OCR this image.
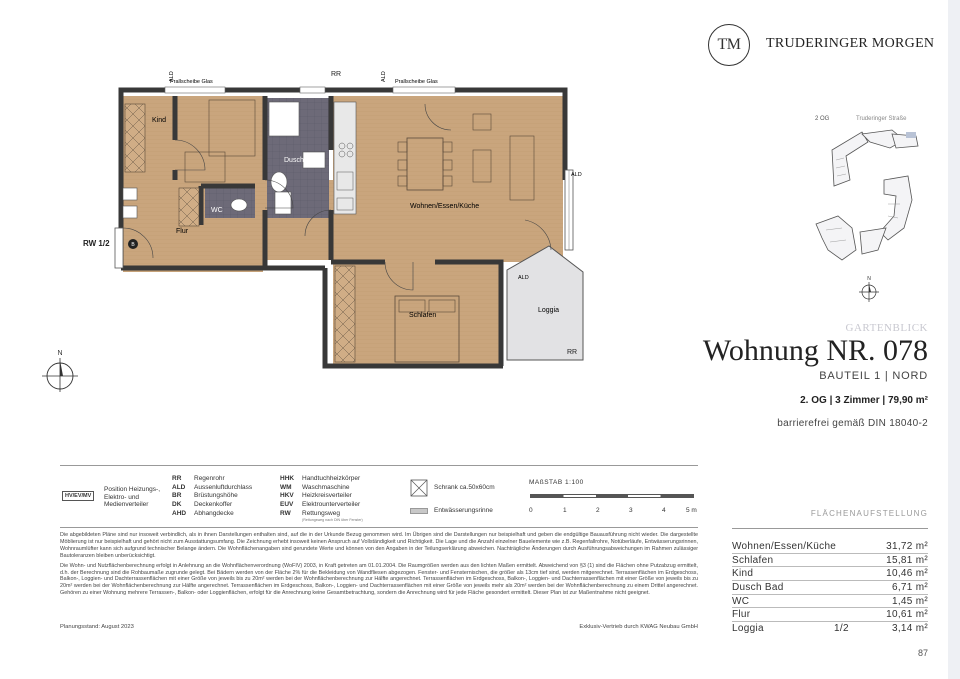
TM	TRUDERINGER MORGEN
2 OG	Truderinger Straße
N
GARTENBLICK
Wohnung NR. 078
BAUTEIL 1 | NORD
2. OG | 3 Zimmer | 79,90 m²
barrierefrei gemäß DIN 18040-2
FLÄCHENAUFSTELLUNG
Wohnen/Essen/Küche	31,72 m²
Schlafen	15,81 m²
Kind	10,46 m²
Dusch Bad	6,71 m²
WC	1,45 m²
Flur	10,61 m²
Loggia	1/2	3,14 m²
87
B
Kind
Dusch Bad
WC
Flur
Wohnen/Essen/Küche
Schlafen
Loggia
RW 1/2
RR
RR
Prallscheibe Glas	Prallscheibe Glas
ALD
ALD
ALD	ALD
WM
N
HV/EV/MV
Position Heizungs-, Elektro- und Medienverteiler
RR Regenrohr
ALD Aussenluftdurchlass
BR Brüstungshöhe
DK Deckenkoffer
AHD Abhangdecke
HHK Handtuchheizkörper
WM Waschmaschine
HKV Heizkreisverteiler
EUV Elektrounterverteiler
RW Rettungsweg
(Rettungsweg nach DIN über Fenster)
Schrank ca.50x60cm
Entwässerungsrinne
MAßSTAB 1:100
0	1	2	3	4	5 m

Die abgebildeten Pläne sind nur insoweit verbindlich, als in ihnen Darstellungen enthalten sind, auf die in der Urkunde Bezug genommen wird. Im Übrigen sind die Darstellungen nur beispielhaft und geben die endgültige Bauausführung nicht wieder. Die dargestellte Möblierung ist nur beispielhaft und gehört nicht zum Ausstattungsumfang. Die Zeichnung erhebt insoweit keinen Anspruch auf Vollständigkeit und Richtigkeit. Die Lage und die Anzahl einzelner Bauelemente wie z.B. Regenfallrohre, Notüberläufe, Entwässerungsrinnen, Wohnraumlüfter kann sich aufgrund technischer Belange ändern. Die Wohnflächenangaben sind gerundete Werte und können von den Angaben in der Teilungserklärung abweichen. Nachträgliche Änderungen durch Ausführungsabweichungen im Rahmen zulässiger Bautoleranzen bleiben unberücksichtigt.

Die Wohn- und Nutzflächenberechnung erfolgt in Anlehnung an die Wohnflächenverordnung (WoFIV) 2003, in Kraft getreten am 01.01.2004. Die Raumgrößen werden aus den lichten Maßen ermittelt. Abweichend von §3 (1) sind die Flächen ohne Putzabzug ermittelt, d.h. der Berechnung sind die Rohbaumaße zugrunde gelegt. Bei Bädern werden von der Fläche 2% für die Bekleidung von Wandfliesen abgezogen. Fenster- und Fensternischen, die größer als 13cm tief sind, werden mitgerechnet. Terrassenflächen im Erdgeschoss, Balkon-, Loggien- und Dachterrassenflächen mit einer Größe von jeweils bis zu 20m² werden bei der Wohnflächenberechnung zur Hälfte angerechnet. Terrassenflächen im Erdgeschoss, Balkon-, Loggien- und Dachterrassenflächen mit einer Größe von jeweils bis zu 20m² werden bei der Wohnflächenberechnung zur Hälfte angerechnet. Terrassenflächen im Erdgeschoss, Balkon-, Loggien- und Dachterrassenflächen mit einer Größe von jeweils mehr als 20m² werden bei der Wohnflächenberechnung zu einem Drittel angerechnet. Gehören zu einer Wohnung mehrere Terrassen-, Balkon- oder Loggienflächen, erfolgt für die Anrechnung keine Gesamtbetrachtung, sondern die Anrechnung wird für jede Fläche gesondert ermittelt. Dieser Plan ist zur Maßentnahme nicht geeignet.

Planungsstand: August 2023	Exklusiv-Vertrieb durch KWAG Neubau GmbH
